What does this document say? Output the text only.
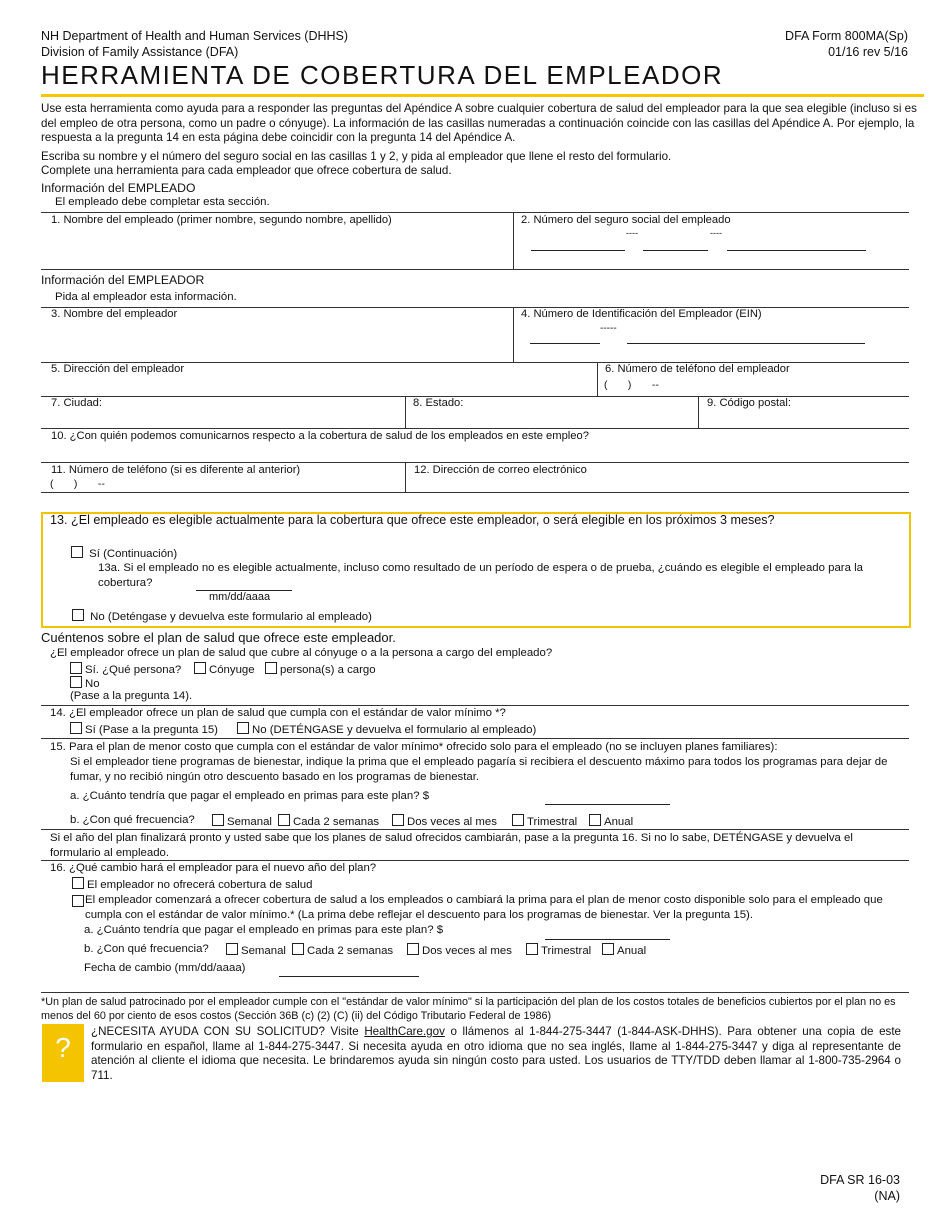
NH Department of Health and Human Services (DHHS)
Division of Family Assistance (DFA)
DFA Form 800MA(Sp)
01/16 rev 5/16
HERRAMIENTA DE COBERTURA DEL EMPLEADOR
Use esta herramienta como ayuda para a responder las preguntas del Apéndice A sobre cualquier cobertura de salud del empleador para la que sea elegible (incluso si es del empleo de otra persona, como un padre o cónyuge). La información de las casillas numeradas a continuación coincide con las casillas del Apéndice A. Por ejemplo, la respuesta a la pregunta 14 en esta página debe coincidir con la pregunta 14 del Apéndice A.
Escriba su nombre y el número del seguro social en las casillas 1 y 2, y pida al empleador que llene el resto del formulario.
Complete una herramienta para cada empleador que ofrece cobertura de salud.
Información del EMPLEADO
El empleado debe completar esta sección.
1. Nombre del empleado (primer nombre, segundo nombre, apellido)	2. Número del seguro social del empleado
----	----
Información del EMPLEADOR
Pida al empleador esta información.
3. Nombre del empleador	4. Número de Identificación del Empleador (EIN)
-----
5. Dirección del empleador	6. Número de teléfono del empleador
(       )       --
7. Ciudad:	8. Estado:	9. Código postal:
10. ¿Con quién podemos comunicarnos respecto a la cobertura de salud de los empleados en este empleo?
11. Número de teléfono (si es diferente al anterior)
(       )       --
12. Dirección de correo electrónico
13. ¿El empleado es elegible actualmente para la cobertura que ofrece este empleador, o será elegible en los próximos 3 meses?
Sí (Continuación)
13a. Si el empleado no es elegible actualmente, incluso como resultado de un período de espera o de prueba, ¿cuándo es elegible el empleado para la cobertura?
mm/dd/aaaa
No (Deténgase y devuelva este formulario al empleado)
Cuéntenos sobre el plan de salud que ofrece este empleador.
¿El empleador ofrece un plan de salud que cubre al cónyuge o a la persona a cargo del empleado?
Sí. ¿Qué persona?	Cónyuge	persona(s) a cargo
No
(Pase a la pregunta 14).
14. ¿El empleador ofrece un plan de salud que cumpla con el estándar de valor mínimo *?
Sí (Pase a la pregunta 15)	No (DETÉNGASE y devuelva el formulario al empleado)
15. Para el plan de menor costo que cumpla con el estándar de valor mínimo* ofrecido solo para el empleado (no se incluyen planes familiares):
Si el empleador tiene programas de bienestar, indique la prima que el empleado pagaría si recibiera el descuento máximo para todos los programas para dejar de fumar, y no recibió ningún otro descuento basado en los programas de bienestar.
a. ¿Cuánto tendría que pagar el empleado en primas para este plan? $
b. ¿Con qué frecuencia?	Semanal	Cada 2 semanas	Dos veces al mes	Trimestral	Anual
Si el año del plan finalizará pronto y usted sabe que los planes de salud ofrecidos cambiarán, pase a la pregunta 16. Si no lo sabe, DETÉNGASE y devuelva el formulario al empleado.
16. ¿Qué cambio hará el empleador para el nuevo año del plan?
El empleador no ofrecerá cobertura de salud
El empleador comenzará a ofrecer cobertura de salud a los empleados o cambiará la prima para el plan de menor costo disponible solo para el empleado que cumpla con el estándar de valor mínimo.* (La prima debe reflejar el descuento para los programas de bienestar. Ver la pregunta 15).
a. ¿Cuánto tendría que pagar el empleado en primas para este plan? $
b. ¿Con qué frecuencia?	Semanal	Cada 2 semanas	Dos veces al mes	Trimestral	Anual
Fecha de cambio (mm/dd/aaaa)
*Un plan de salud patrocinado por el empleador cumple con el "estándar de valor mínimo" si la participación del plan de los costos totales de beneficios cubiertos por el plan no es menos del 60 por ciento de esos costos (Sección 36B (c) (2) (C) (ii) del Código Tributario Federal de 1986)
?
¿NECESITA AYUDA CON SU SOLICITUD? Visite HealthCare.gov o llámenos al 1-844-275-3447 (1-844-ASK-DHHS). Para obtener una copia de este formulario en español, llame al 1-844-275-3447. Si necesita ayuda en otro idioma que no sea inglés, llame al 1-844-275-3447 y diga al representante de atención al cliente el idioma que necesita. Le brindaremos ayuda sin ningún costo para usted. Los usuarios de TTY/TDD deben llamar al 1-800-735-2964 o 711.
DFA SR 16-03
(NA)
